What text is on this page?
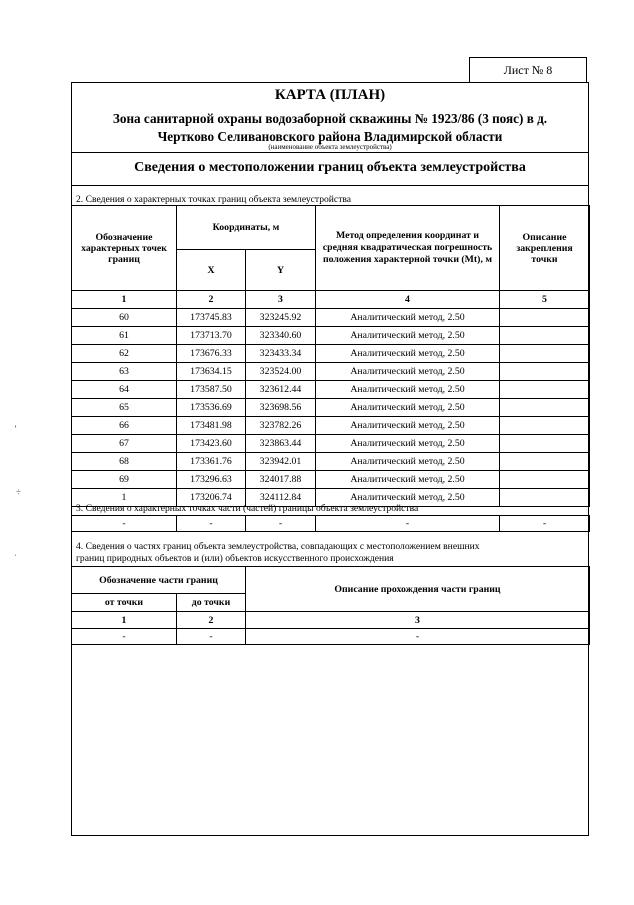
Лист № 8
КАРТА (ПЛАН)
Зона санитарной охраны водозаборной скважины № 1923/86 (3 пояс) в д.
Чертково Селивановского района Владимирской области
(наименование объекта землеустройства)
Сведения о местоположении границ объекта землеустройства
2. Сведения о характерных точках границ объекта землеустройства
Обозначение характерных точек границ	Координаты, м		Метод определения координат и средняя квадратическая погрешность положения характерной точки (Mt), м	Описание закрепления точки
	X	Y		
1	2	3	4	5
60	173745.83	323245.92	Аналитический метод, 2.50	
61	173713.70	323340.60	Аналитический метод, 2.50	
62	173676.33	323433.34	Аналитический метод, 2.50	
63	173634.15	323524.00	Аналитический метод, 2.50	
64	173587.50	323612.44	Аналитический метод, 2.50	
65	173536.69	323698.56	Аналитический метод, 2.50	
66	173481.98	323782.26	Аналитический метод, 2.50	
67	173423.60	323863.44	Аналитический метод, 2.50	
68	173361.76	323942.01	Аналитический метод, 2.50	
69	173296.63	324017.88	Аналитический метод, 2.50	
1	173206.74	324112.84	Аналитический метод, 2.50	
3. Сведения о характерных точках части (частей) границы объекта землеустройства
-	-	-	-	-
4. Сведения о частях границ объекта землеустройства, совпадающих с местоположением внешних
границ природных объектов и (или) объектов искусственного происхождения
Обозначение части границ		Описание прохождения части границ
от точки	до точки	
1	2	3
-	-	-
ʼ
÷
ˌ
